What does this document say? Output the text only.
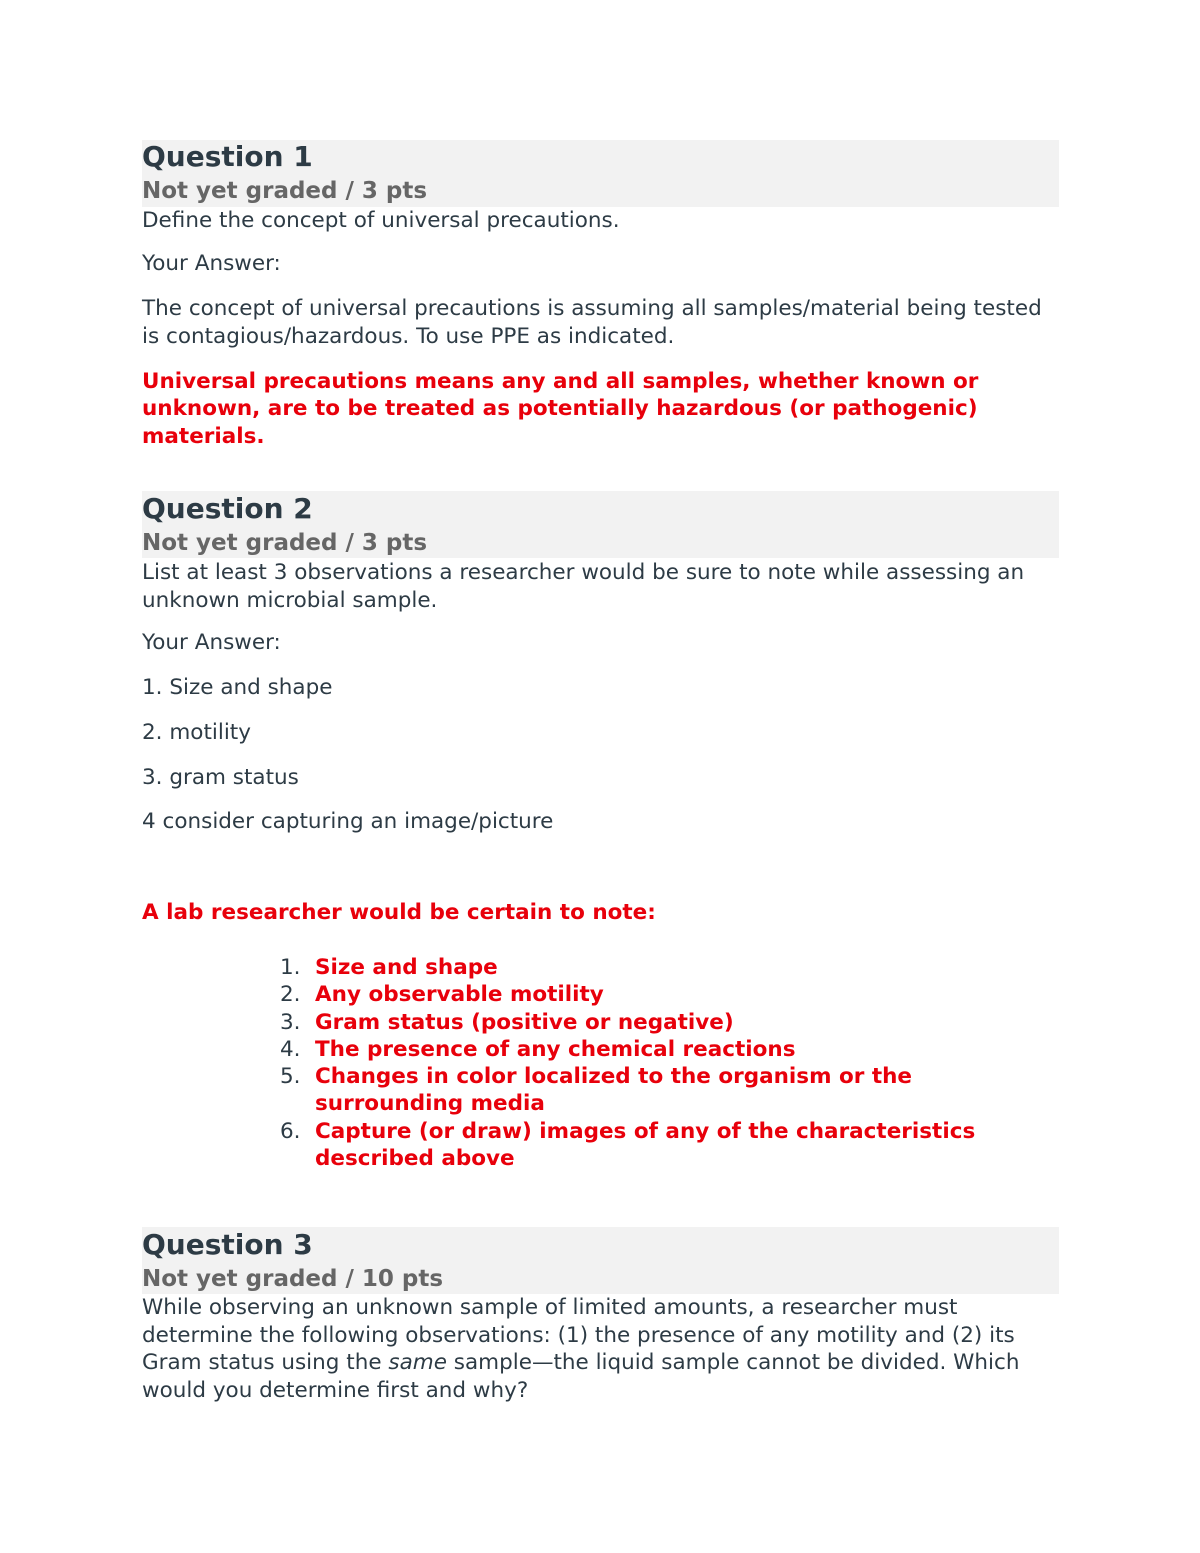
Question 1
Not yet graded / 3 pts
Define the concept of universal precautions.
Your Answer:
The concept of universal precautions is assuming all samples/material being tested is contagious/hazardous. To use PPE as indicated.
Universal precautions means any and all samples, whether known or unknown, are to be treated as potentially hazardous (or pathogenic) materials.
Question 2
Not yet graded / 3 pts
List at least 3 observations a researcher would be sure to note while assessing an unknown microbial sample.
Your Answer:
1. Size and shape
2. motility
3. gram status
4 consider capturing an image/picture
A lab researcher would be certain to note:
1. Size and shape
2. Any observable motility
3. Gram status (positive or negative)
4. The presence of any chemical reactions
5. Changes in color localized to the organism or the surrounding media
6. Capture (or draw) images of any of the characteristics described above
Question 3
Not yet graded / 10 pts
While observing an unknown sample of limited amounts, a researcher must determine the following observations: (1) the presence of any motility and (2) its Gram status using the same sample—the liquid sample cannot be divided. Which would you determine first and why?
